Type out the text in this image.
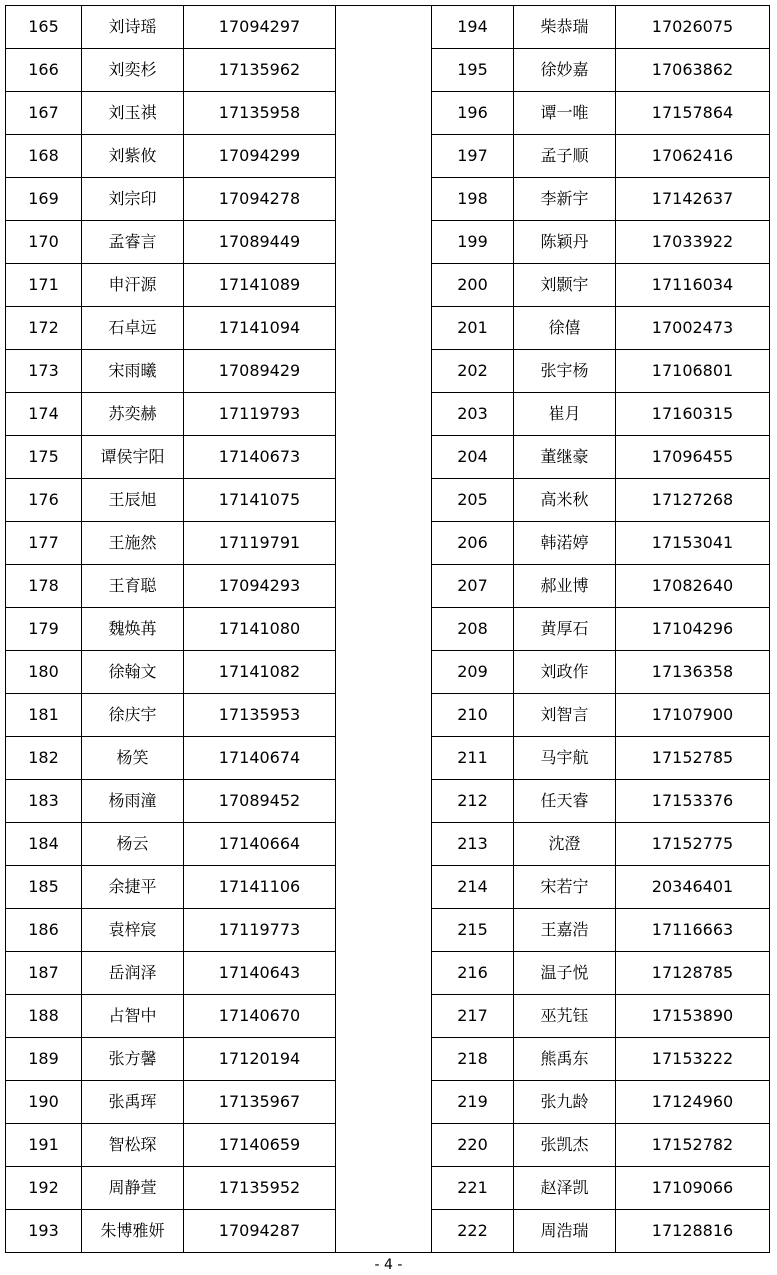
165	刘诗瑶	17094297		194	柴恭瑞	17026075
166	刘奕杉	17135962		195	徐妙嘉	17063862
167	刘玉祺	17135958		196	谭一唯	17157864
168	刘紫攸	17094299		197	孟子顺	17062416
169	刘宗印	17094278		198	李新宇	17142637
170	孟睿言	17089449		199	陈颖丹	17033922
171	申汗源	17141089		200	刘颢宇	17116034
172	石卓远	17141094		201	徐僖	17002473
173	宋雨曦	17089429		202	张宇杨	17106801
174	苏奕赫	17119793		203	崔月	17160315
175	谭侯宇阳	17140673		204	董继豪	17096455
176	王辰旭	17141075		205	高米秋	17127268
177	王施然	17119791		206	韩渃婷	17153041
178	王育聪	17094293		207	郝业博	17082640
179	魏焕苒	17141080		208	黄厚石	17104296
180	徐翰文	17141082		209	刘政作	17136358
181	徐庆宇	17135953		210	刘智言	17107900
182	杨笑	17140674		211	马宇航	17152785
183	杨雨潼	17089452		212	任天睿	17153376
184	杨云	17140664		213	沈澄	17152775
185	余捷平	17141106		214	宋若宁	20346401
186	袁梓宸	17119773		215	王嘉浩	17116663
187	岳润泽	17140643		216	温子悦	17128785
188	占智中	17140670		217	巫艽钰	17153890
189	张方馨	17120194		218	熊禹东	17153222
190	张禹珲	17135967		219	张九龄	17124960
191	智松琛	17140659		220	张凯杰	17152782
192	周静萱	17135952		221	赵泽凯	17109066
193	朱博雅妍	17094287		222	周浩瑞	17128816
- 4 -
